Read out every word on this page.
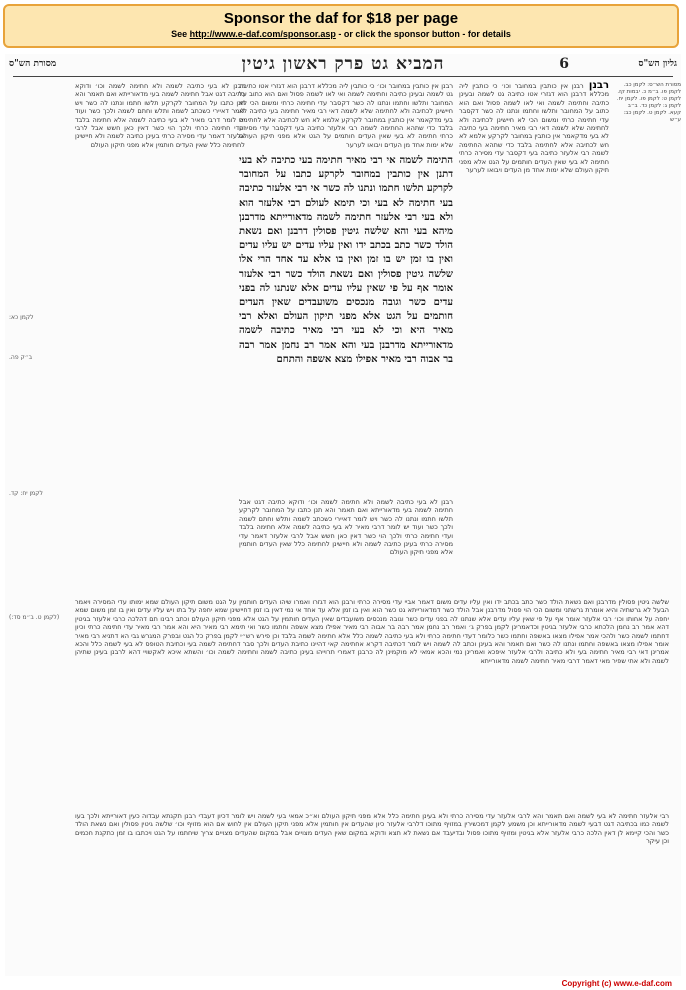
Sponsor the daf for $18 per page
See http://www.e-daf.com/sponsor.asp - or click the sponsor button - for details
גליון הש"ס
6
המביא גט פרק ראשון גיטין
מסורת הש"ס
מסורת הש״ס: לקמן כב. לקמן פו. ב״מ כ. יבמות קז. לקמן ט: לקמן פו. לקמן יח. לקמן ג: לקמן כד. ב״ב קעא. לקמן ט. לקמן כב: ע״ש
רבנן רבנן אין כותבין במחובר וכו׳ כי כותבין ליה מכללא דרבנן הוא דגזרי אטו כתיבה גט לשמה ובעינן כתיבה וחתימה לשמה ואי לאו לשמה פסול ואם הוא כתוב על המחובר ותלשו וחתמו ונתנו לה כשר דקסבר עדי חתימה כרתי ומשום הכי לא חיישינן לכתיבה ולא לחתימה שלא לשמה דאי רבי מאיר חתימה בעי כתיבה לא בעי מדקאמר אין כותבין במחובר לקרקע אלמא לא חש לכתיבה אלא לחתימה בלבד כדי שתהא החתימה לשמה רבי אלעזר כתיבה בעי דקסבר עדי מסירה כרתי חתימה לא בעי שאין העדים חותמים על הגט אלא מפני תיקון העולם שלא ימות אחד מן העדים ויבואו לערער
התימה לשמה אי רבי מאיר חתימה בעי כתיבה לא בעי דתנן אין כותבין במחובר לקרקע כתבו על המחובר לקרקע תלשו חתמו ונתנו לה כשר אי רבי אלעזר כתיבה בעי חתימה לא בעי וכי תימא לעולם רבי אלעזר הוא ולא בעי רבי אלעזר חתימה לשמה מדאורייתא מדרבנן מיהא בעי והא שלשה גיטין פסולין דרבנן ואם נשאת הולד כשר כתב בכתב ידו ואין עליו עדים יש עליו עדים ואין בו זמן יש בו זמן ואין בו אלא עד אחד הרי אלו שלשה גיטין פסולין ואם נשאת הולד כשר רבי אלעזר אומר אף על פי שאין עליו עדים אלא שנתנו לה בפני עדים כשר וגובה מנכסים משועבדים שאין העדים חותמים על הגט אלא מפני תיקון העולם ואלא רבי מאיר היא וכי לא בעי רבי מאיר כתיבה לשמה מדאורייתא מדרבנן בעי והא אמר רב נחמן אמר רבה בר אבוה רבי מאיר אפילו מצא אשפה והתחם
רבנן לא בעי כתיבה לשמה ולא חתימה לשמה וכו׳ ודוקא כתיבה דגט אבל חתימה לשמה בעי מדאורייתא ואם תאמר והא תנן כתבו על המחובר לקרקע תלשו חתמו ונתנו לה כשר ויש לומר דאיירי כשכתב לשמה ותלש וחתם לשמה ולכך כשר ועוד יש לומר דרבי מאיר לא בעי כתיבה לשמה אלא חתימה בלבד ועדי חתימה כרתי ולכך הוי כשר דאין כאן חשש אבל לרבי אלעזר דאמר עדי מסירה כרתי בעינן כתיבה לשמה ולא חיישינן לחתימה כלל שאין העדים חותמין אלא מפני תיקון העולם
רבנן אין כותבין במחובר וכו׳ כי כותבין ליה מכללא דרבנן הוא דגזרי אטו כתיבה גט לשמה ובעינן כתיבה וחתימה לשמה ואי לאו לשמה פסול ואם הוא כתוב על המחובר ותלשו וחתמו ונתנו לה כשר דקסבר עדי חתימה כרתי ומשום הכי לא חיישינן לכתיבה ולא לחתימה שלא לשמה דאי רבי מאיר חתימה בעי כתיבה לא בעי מדקאמר אין כותבין במחובר לקרקע אלמא לא חש לכתיבה אלא לחתימה בלבד כדי שתהא החתימה לשמה רבי אלעזר כתיבה בעי דקסבר עדי מסירה כרתי חתימה לא בעי שאין העדים חותמים על הגט אלא מפני תיקון העולם שלא ימות אחד מן העדים ויבואו לערער
רבנן לא בעי כתיבה לשמה ולא חתימה לשמה וכו׳ ודוקא כתיבה דגט אבל חתימה לשמה בעי מדאורייתא ואם תאמר והא תנן כתבו על המחובר לקרקע תלשו חתמו ונתנו לה כשר ויש לומר דאיירי כשכתב לשמה ותלש וחתם לשמה ולכך כשר ועוד יש לומר דרבי מאיר לא בעי כתיבה לשמה אלא חתימה בלבד ועדי חתימה כרתי ולכך הוי כשר דאין כאן חשש אבל לרבי אלעזר דאמר עדי מסירה כרתי בעינן כתיבה לשמה ולא חיישינן לחתימה כלל שאין העדים חותמין אלא מפני תיקון העולם
לקמן כא:
ב״ק פה.
לקמן יח: קד.
(לקמן ט. ב״מ סד:)
שלשה גיטין פסולין מדרבנן ואם נשאת הולד כשר כתב בכתב ידו ואין עליו עדים משום דאמר אביי עדי מסירה כרתי ורבנן הוא דגזרו ואמרו שיהו העדים חותמין על הגט משום תיקון העולם שמא ימותו עדי המסירה ויאמר הבעל לא גרשתיה והיא אומרת גרשתני ומשום הכי הוי פסול מדרבנן אבל הולד כשר דמדאורייתא גט כשר הוא ואין בו זמן אלא עד אחד אי נמי דאין בו זמן דחיישינן שמא יחפה על בתו ויש עליו עדים ואין בו זמן משום שמא יחפה על אחותו וכו׳ רבי אלעזר אומר אף על פי שאין עליו עדים אלא שנתנו לה בפני עדים כשר וגובה מנכסים משועבדים שאין העדים חותמין על הגט אלא מפני תיקון העולם וכתב רבינו תם דהלכה כרבי אלעזר בגיטין דהא אמר רב נחמן הלכתא כרבי אלעזר בגיטין וכדאמרינן לקמן בפרק ג׳ ואמר רב נחמן אמר רבה בר אבוה רבי מאיר אפילו מצא אשפה וחתמו כשר ואי תימא רבי מאיר היא והא אמר רבי מאיר עדי חתימה כרתי וכיון דחתמו לשמה כשר ולהכי אמר אפילו מצאו באשפה וחתמו כשר כלומר דעדי חתימה כרתי ולא בעי כתיבה לשמה כלל אלא חתימה לשמה בלבד וכן פירש רש״י לקמן בפרק כל הגט ובפרק המגרש גבי הא דתניא רבי מאיר אומר אפילו מצאו באשפה וחתמו ונתנו לה כשר ואם תאמר והא בעינן וכתב לה לשמה ויש לומר דכתיבה דקרא אחתימה קאי דהיינו כתיבת העדים ולכך סבר דחתימה לשמה בעי וכתיבת הטופס לא בעי לשמה כלל והכא אמרינן דאי רבי מאיר חתימה בעי ולא כתיבה ולרבי אלעזר איפכא ואמרינן נמי והכא אמאי לא מוקמינן לה כרבנן דאמרי תרוייהו בעינן כתיבה לשמה וחתימה לשמה וכו׳ והשתא איכא לאקשויי דהא לרבנן בעינן שתיהן לשמה ולא אתי שפיר מאי דאמר דרבי מאיר חתימה לשמה מדאורייתא
רבי אלעזר חתימה לא בעי לשמה ואם תאמר והא לרבי אלעזר עדי מסירה כרתי ולא בעינן חתימה כלל אלא מפני תיקון העולם וא״כ אמאי בעי לשמה ויש לומר דכיון דעבדי רבנן תקנתא עבדוה כעין דאורייתא ולכך בעו לשמה כמו בכתיבה דגט דבעי לשמה מדאורייתא וכן משמע לקמן דמכשירין במזויף מתוכו דלרבי אלעזר כיון שהעדים אין חותמין אלא מפני תיקון העולם אין לחוש אם הוא מזויף וכו׳ שלשה גיטין פסולין ואם נשאת הולד כשר והכי קיימא לן דאין הלכה כרבי אלעזר אלא בגיטין ומזויף מתוכו פסול ובדיעבד אם נשאת לא תצא ודוקא במקום שאין העדים מצויים אבל במקום שהעדים מצויים צריך שיחתמו על הגט ויכתבו בו זמן כתקנת חכמים וכן עיקר
Copyright (c) www.e-daf.com
